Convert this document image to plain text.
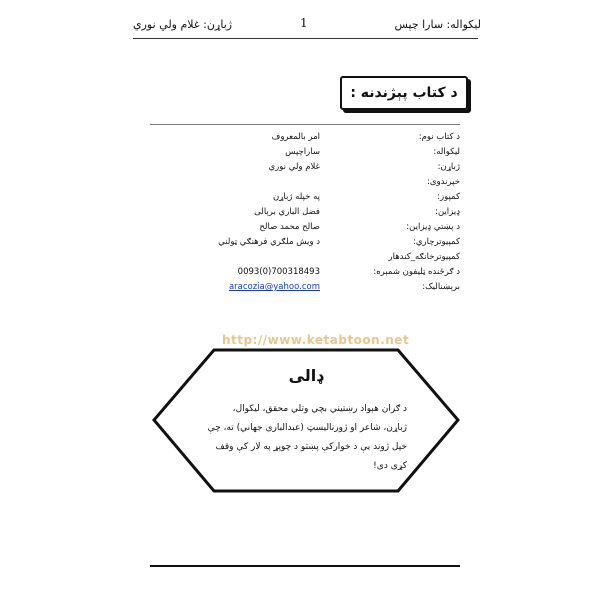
ليکواله: سارا چپس
1
ژباړن: غلام ولي نوري
د کتاب پېژندنه :
د کتاب نوم:
امر بالمعروف
ليکواله:
ساراچپس
ژباړن:
غلام ولي نوري
خپرندوى:
کمپوز:
په خپله ژباړن
ډيزاين:
فضل الباري برېالى
د پښتي ډيزاين:
صالح محمد صالح
کمپيوترچاري:
د ويش ملګري فرهنګي ټولني
کمپيوترخانګه_کندهار
د ګرځنده ټليفون شمېره:
0093(0)700318493
برېښناليک:
aracozia@yahoo.com
http://www.ketabtoon.net
ډالى
د ګران هېواد رښتيني بچي وتلي محقق، ليکوال، ژباړن، شاعر او ژورناليسټ (عبدالباري جهاني) ته، چې خپل ژوند يې د خوارکې پښتو د چوپړ په لار کې وقف کړى دى!
